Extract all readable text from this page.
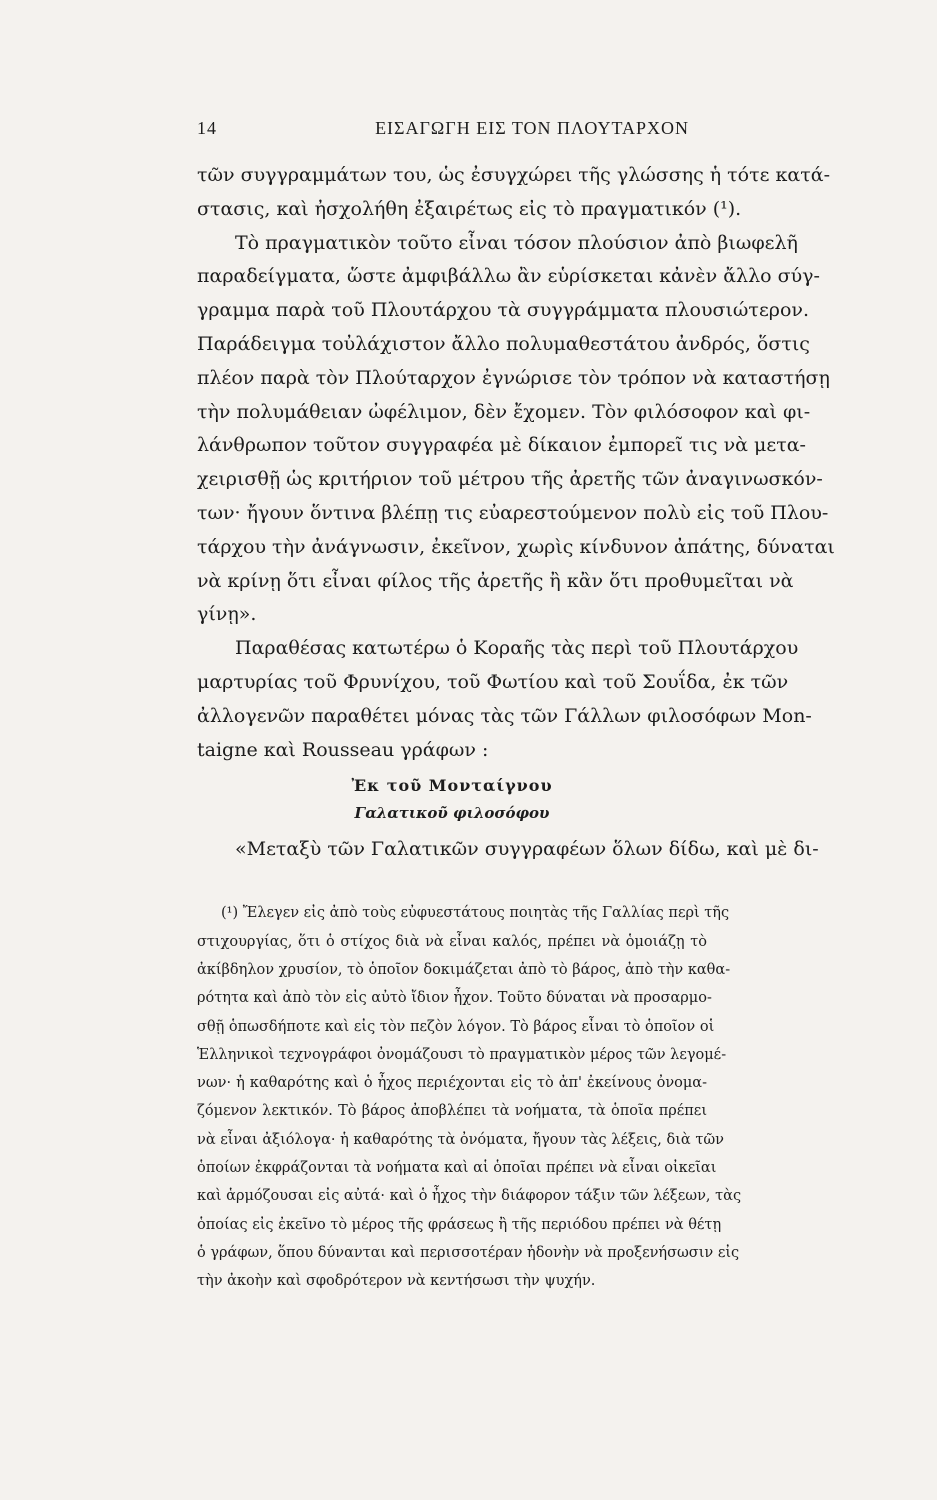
14	ΕΙΣΑΓΩΓΗ ΕΙΣ ΤΟΝ ΠΛΟΥΤΑΡΧΟΝ
τῶν συγγραμμάτων του, ὡς ἐσυγχώρει τῆς γλώσσης ἡ τότε κατά-
στασις, καὶ ἠσχολήθη ἐξαιρέτως εἰς τὸ πραγματικόν (¹).
Τὸ πραγματικὸν τοῦτο εἶναι τόσον πλούσιον ἀπὸ βιωφελῆ
παραδείγματα, ὥστε ἀμφιβάλλω ἂν εὑρίσκεται κἀνὲν ἄλλο σύγ-
γραμμα παρὰ τοῦ Πλουτάρχου τὰ συγγράμματα πλουσιώτερον.
Παράδειγμα τοὐλάχιστον ἄλλο πολυμαθεστάτου ἀνδρός, ὅστις
πλέον παρὰ τὸν Πλούταρχον ἐγνώρισε τὸν τρόπον νὰ καταστήσῃ
τὴν πολυμάθειαν ὠφέλιμον, δὲν ἔχομεν. Τὸν φιλόσοφον καὶ φι-
λάνθρωπον τοῦτον συγγραφέα μὲ δίκαιον ἐμπορεῖ τις νὰ μετα-
χειρισθῇ ὡς κριτήριον τοῦ μέτρου τῆς ἀρετῆς τῶν ἀναγινωσκόν-
των· ἤγουν ὅντινα βλέπῃ τις εὐαρεστούμενον πολὺ εἰς τοῦ Πλου-
τάρχου τὴν ἀνάγνωσιν, ἐκεῖνον, χωρὶς κίνδυνον ἀπάτης, δύναται
νὰ κρίνῃ ὅτι εἶναι φίλος τῆς ἀρετῆς ἢ κἂν ὅτι προθυμεῖται νὰ
γίνῃ».
Παραθέσας κατωτέρω ὁ Κοραῆς τὰς περὶ τοῦ Πλουτάρχου
μαρτυρίας τοῦ Φρυνίχου, τοῦ Φωτίου καὶ τοῦ Σουΐδα, ἐκ τῶν
ἀλλογενῶν παραθέτει μόνας τὰς τῶν Γάλλων φιλοσόφων Mon-
taigne καὶ Rousseau γράφων :
Ἐκ τοῦ Μονταίγνου
Γαλατικοῦ φιλοσόφου
«Μεταξὺ τῶν Γαλατικῶν συγγραφέων ὅλων δίδω, καὶ μὲ δι-
(¹) Ἔλεγεν εἰς ἀπὸ τοὺς εὐφυεστάτους ποιητὰς τῆς Γαλλίας περὶ τῆς
στιχουργίας, ὅτι ὁ στίχος διὰ νὰ εἶναι καλός, πρέπει νὰ ὁμοιάζῃ τὸ
ἀκίβδηλον χρυσίον, τὸ ὁποῖον δοκιμάζεται ἀπὸ τὸ βάρος, ἀπὸ τὴν καθα-
ρότητα καὶ ἀπὸ τὸν εἰς αὐτὸ ἴδιον ἦχον. Τοῦτο δύναται νὰ προσαρμο-
σθῇ ὁπωσδήποτε καὶ εἰς τὸν πεζὸν λόγον. Τὸ βάρος εἶναι τὸ ὁποῖον οἱ
Ἑλληνικοὶ τεχνογράφοι ὀνομάζουσι τὸ πραγματικὸν μέρος τῶν λεγομέ-
νων· ἡ καθαρότης καὶ ὁ ἦχος περιέχονται εἰς τὸ ἀπ' ἐκείνους ὀνομα-
ζόμενον λεκτικόν. Τὸ βάρος ἀποβλέπει τὰ νοήματα, τὰ ὁποῖα πρέπει
νὰ εἶναι ἀξιόλογα· ἡ καθαρότης τὰ ὀνόματα, ἤγουν τὰς λέξεις, διὰ τῶν
ὁποίων ἐκφράζονται τὰ νοήματα καὶ αἱ ὁποῖαι πρέπει νὰ εἶναι οἰκεῖαι
καὶ ἁρμόζουσαι εἰς αὐτά· καὶ ὁ ἦχος τὴν διάφορον τάξιν τῶν λέξεων, τὰς
ὁποίας εἰς ἐκεῖνο τὸ μέρος τῆς φράσεως ἢ τῆς περιόδου πρέπει νὰ θέτῃ
ὁ γράφων, ὅπου δύνανται καὶ περισσοτέραν ἡδονὴν νὰ προξενήσωσιν εἰς
τὴν ἀκοὴν καὶ σφοδρότερον νὰ κεντήσωσι τὴν ψυχήν.
